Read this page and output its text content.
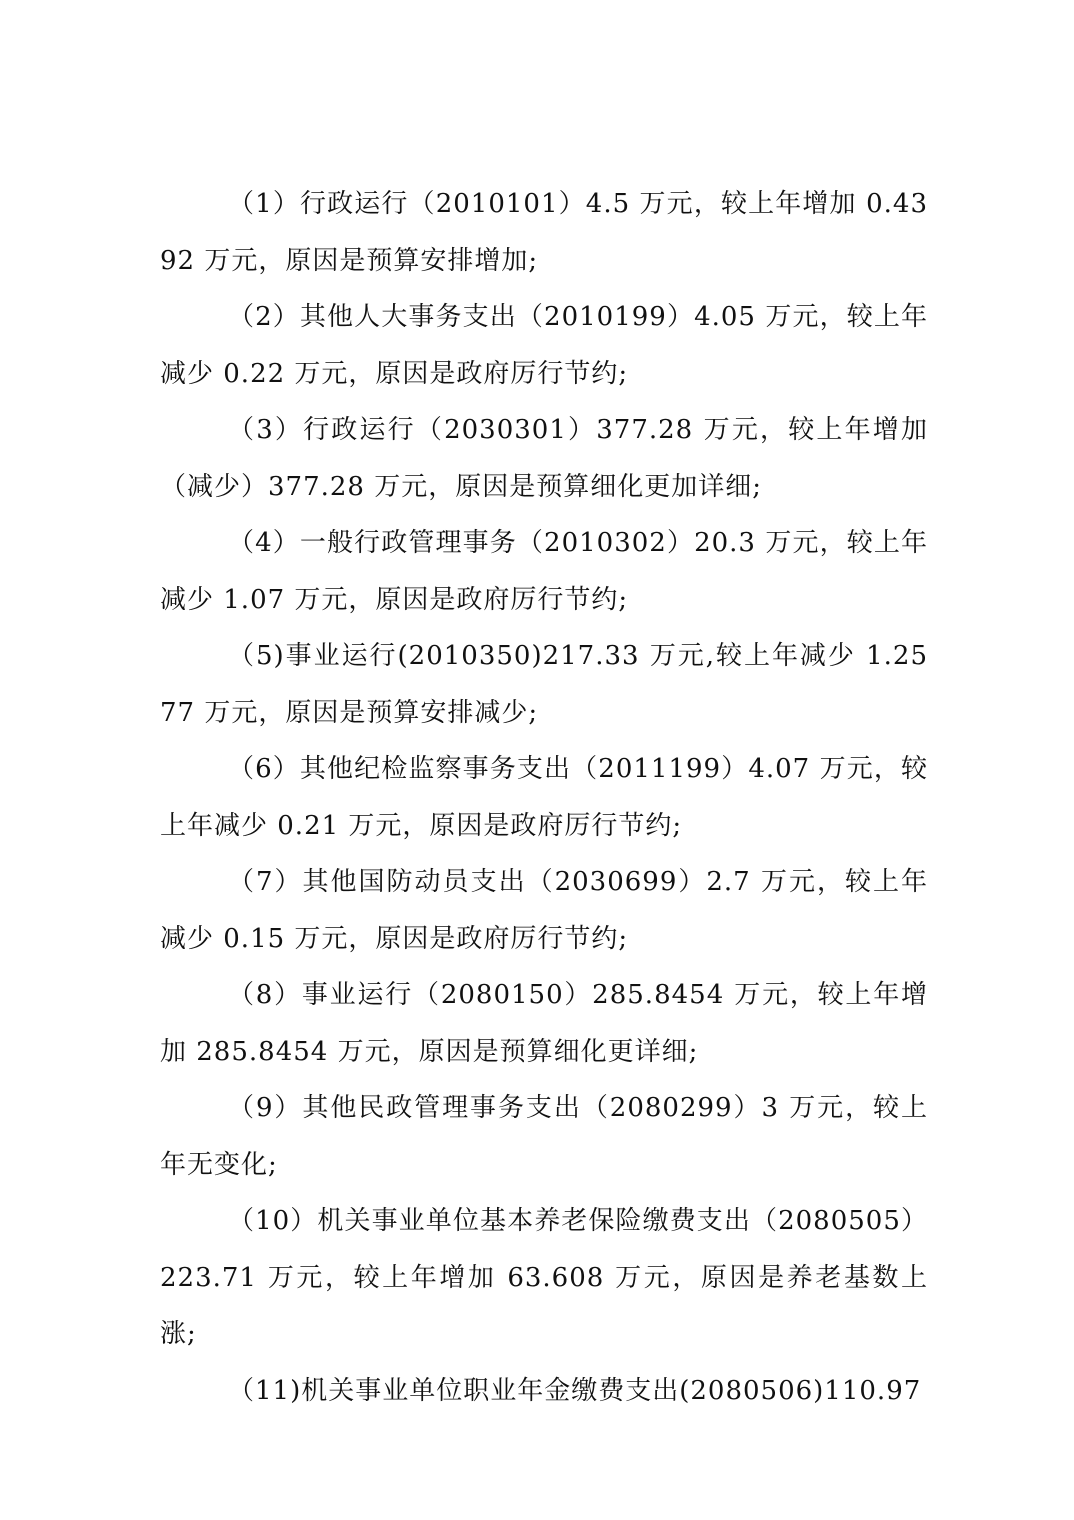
（1）行政运行（2010101）4.5 万元，较上年增加 0.4392 万元，原因是预算安排增加;

（2）其他人大事务支出（2010199）4.05 万元，较上年减少 0.22 万元，原因是政府厉行节约;

（3）行政运行（2030301）377.28 万元，较上年增加（减少）377.28 万元，原因是预算细化更加详细;

（4）一般行政管理事务（2010302）20.3 万元，较上年减少 1.07 万元，原因是政府厉行节约;

（5)事业运行(2010350)217.33 万元,较上年减少 1.2577 万元，原因是预算安排减少;

（6）其他纪检监察事务支出（2011199）4.07 万元，较上年减少 0.21 万元，原因是政府厉行节约;

（7）其他国防动员支出（2030699）2.7 万元，较上年减少 0.15 万元，原因是政府厉行节约;

（8）事业运行（2080150）285.8454 万元，较上年增加 285.8454 万元，原因是预算细化更详细;

（9）其他民政管理事务支出（2080299）3 万元，较上年无变化;

（10）机关事业单位基本养老保险缴费支出（2080505）223.71 万元，较上年增加 63.608 万元，原因是养老基数上涨;

（11)机关事业单位职业年金缴费支出(2080506)110.97
